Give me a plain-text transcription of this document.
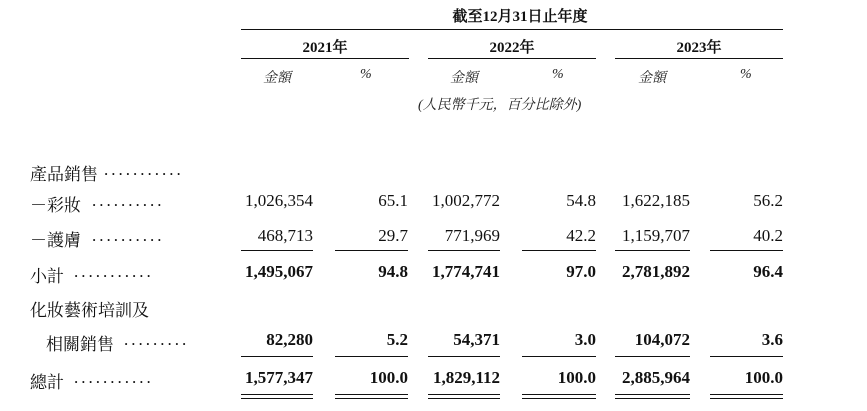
截至12月31日止年度
2021年	2022年	2023年
金額	%	金額	%	金額	%
(人民幣千元，百分比除外)
產品銷售 ...........
－彩妝 ..........	1,026,354	65.1	1,002,772	54.8	1,622,185	56.2
－護膚 ..........	468,713	29.7	771,969	42.2	1,159,707	40.2
小計 ...........	1,495,067	94.8	1,774,741	97.0	2,781,892	96.4
化妝藝術培訓及
相關銷售 .........	82,280	5.2	54,371	3.0	104,072	3.6
總計 ...........	1,577,347	100.0	1,829,112	100.0	2,885,964	100.0
